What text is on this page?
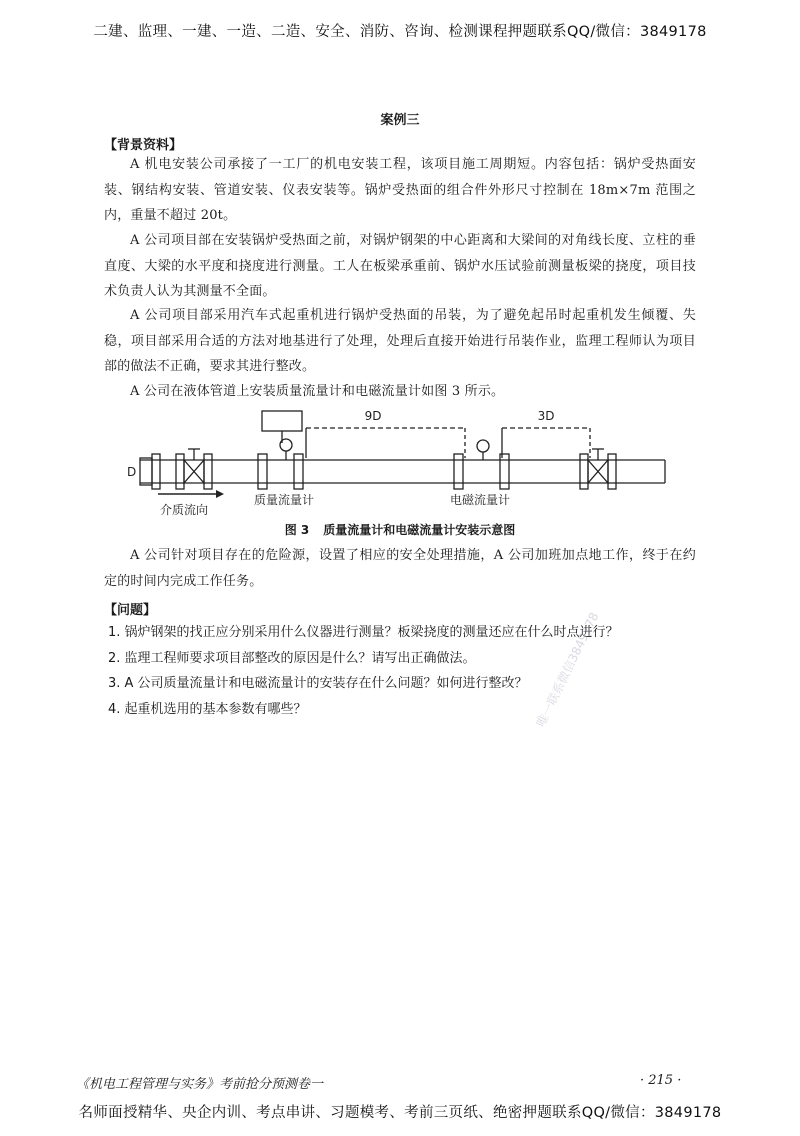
二建、监理、一建、一造、二造、安全、消防、咨询、检测课程押题联系QQ/微信：3849178
案例三
【背景资料】
A 机电安装公司承接了一工厂的机电安装工程，该项目施工周期短。内容包括：锅炉受热面安装、钢结构安装、管道安装、仪表安装等。锅炉受热面的组合件外形尺寸控制在 18m×7m 范围之内，重量不超过 20t。
A 公司项目部在安装锅炉受热面之前，对锅炉钢架的中心距离和大梁间的对角线长度、立柱的垂直度、大梁的水平度和挠度进行测量。工人在板梁承重前、锅炉水压试验前测量板梁的挠度，项目技术负责人认为其测量不全面。
A 公司项目部采用汽车式起重机进行锅炉受热面的吊装，为了避免起吊时起重机发生倾覆、失稳，项目部采用合适的方法对地基进行了处理，处理后直接开始进行吊装作业，监理工程师认为项目部的做法不正确，要求其进行整改。
A 公司在液体管道上安装质量流量计和电磁流量计如图 3 所示。
9D	3D
D
质量流量计	电磁流量计
介质流向
图 3 质量流量计和电磁流量计安装示意图
A 公司针对项目存在的危险源，设置了相应的安全处理措施，A 公司加班加点地工作，终于在约定的时间内完成工作任务。
【问题】
1. 锅炉钢架的找正应分别采用什么仪器进行测量？板梁挠度的测量还应在什么时点进行？
2. 监理工程师要求项目部整改的原因是什么？请写出正确做法。
3. A 公司质量流量计和电磁流量计的安装存在什么问题？如何进行整改？
4. 起重机选用的基本参数有哪些？	唯一联系微信3849178
《机电工程管理与实务》考前抢分预测卷一	· 215 ·
名师面授精华、央企内训、考点串讲、习题模考、考前三页纸、绝密押题联系QQ/微信：3849178
